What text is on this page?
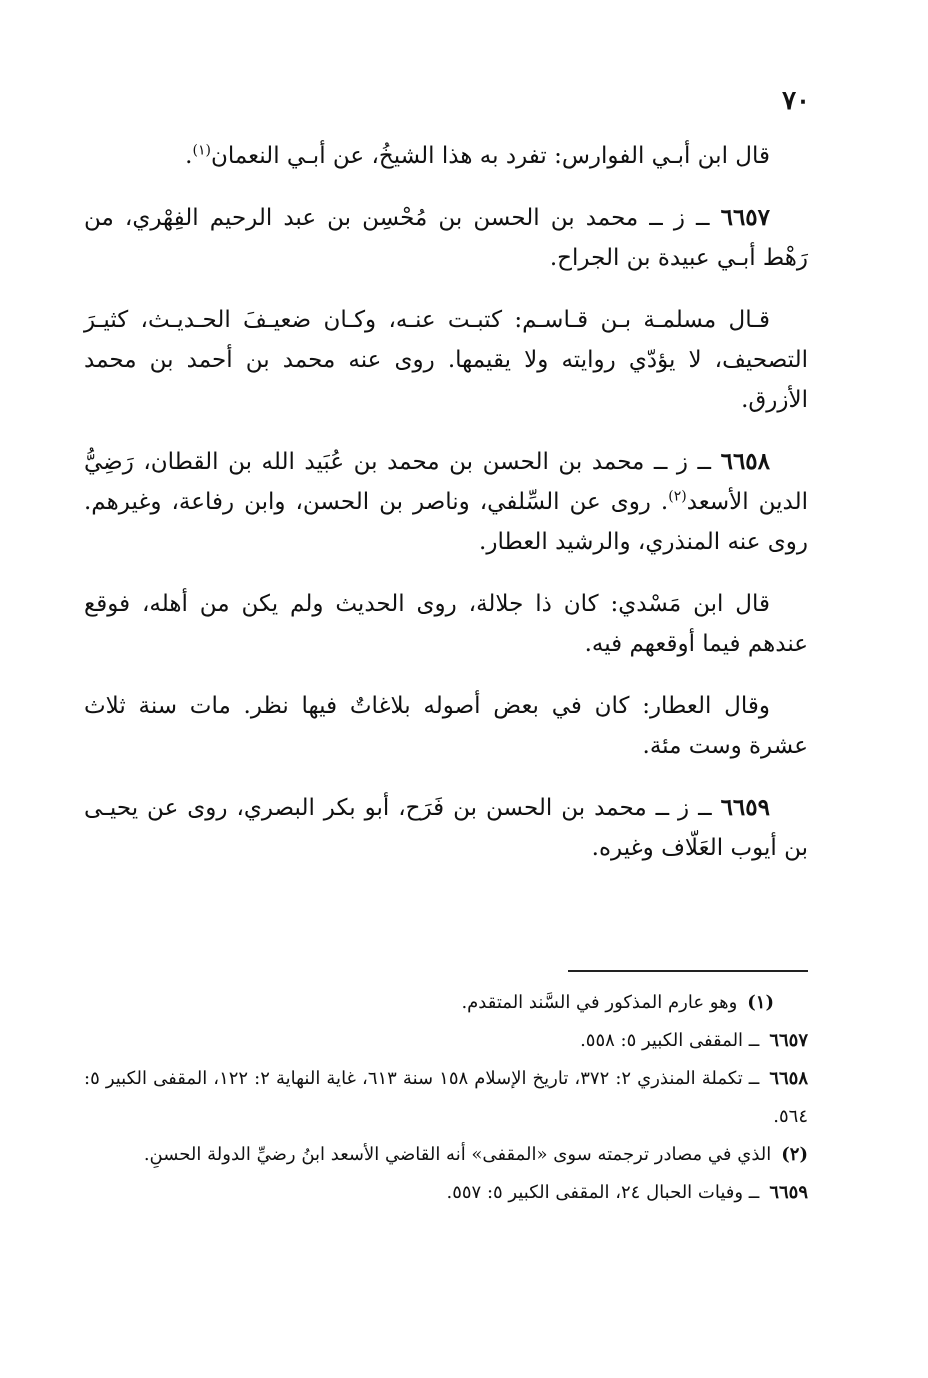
٧٠

قال ابن أبـي الفوارس: تفرد به هذا الشيخُ، عن أبـي النعمان$^{(١)}$.

٦٦٥٧ ــ ز ــ محمد بن الحسن بن مُحْسِن بن عبد الرحيم الفِهْري، من رَهْط أبـي عبيدة بن الجراح.

قـال مسلمـة بـن قـاسـم: كتبـت عنـه، وكـان ضعيـفَ الحـديـث، كثيـرَ التصحيف، لا يؤدّي روايته ولا يقيمها. روى عنه محمد بن أحمد بن محمد الأزرق.

٦٦٥٨ ــ ز ــ محمد بن الحسن بن محمد بن عُبَيد الله بن القطان، رَضِيُّ الدين الأسعد$^{(٢)}$. روى عن السِّلفي، وناصر بن الحسن، وابن رفاعة، وغيرهم. روى عنه المنذري، والرشيد العطار.

قال ابن مَسْدي: كان ذا جلالة، روى الحديث ولم يكن من أهله، فوقع عندهم فيما أوقعهم فيه.

وقال العطار: كان في بعض أصوله بلاغاتٌ فيها نظر. مات سنة ثلاث عشرة وست مئة.

٦٦٥٩ ــ ز ــ محمد بن الحسن بن فَرَح، أبو بكر البصري، روى عن يحيـى بن أيوب العَلّاف وغيره.

(١)وهو عارم المذكور في السَّند المتقدم.

٦٦٥٧ــ المقفى الكبير ٥: ٥٥٨.

٦٦٥٨ــ تكملة المنذري ٢: ٣٧٢، تاريخ الإسلام ١٥٨ سنة ٦١٣، غاية النهاية ٢: ١٢٢، المقفى الكبير ٥: ٥٦٤.

(٢)الذي في مصادر ترجمته سوى «المقفى» أنه القاضي الأسعد ابنُ رضيِّ الدولة الحسنِ.

٦٦٥٩ــ وفيات الحبال ٢٤، المقفى الكبير ٥: ٥٥٧.
